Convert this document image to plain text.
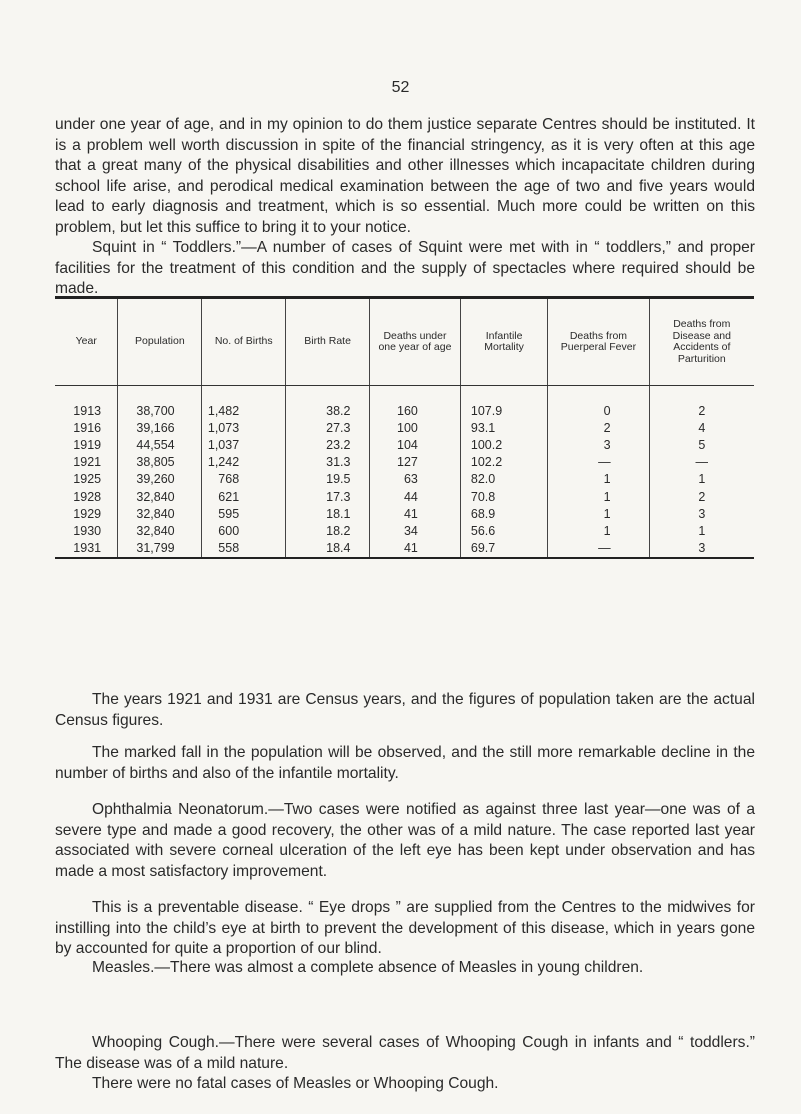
52

under one year of age, and in my opinion to do them justice separate Centres should be instituted. It is a problem well worth discussion in spite of the financial stringency, as it is very often at this age that a great many of the physical disabilities and other illnesses which incapacitate children during school life arise, and perodical medical examination between the age of two and five years would lead to early diagnosis and treatment, which is so essential. Much more could be written on this problem, but let this suffice to bring it to your notice.

Squint in “ Toddlers.”—A number of cases of Squint were met with in “ toddlers,” and proper facilities for the treatment of this condition and the supply of spectacles where required should be made.

Year	Population	No. of Births	Birth Rate	Deaths under one year of age	Infantile Mortality	Deaths from Puerperal Fever	Deaths from Disease and Accidents of Parturition
1913	38,700	1,482	38.2	160	107.9	0	2
1916	39,166	1,073	27.3	100	93.1	2	4
1919	44,554	1,037	23.2	104	100.2	3	5
1921	38,805	1,242	31.3	127	102.2	—	—
1925	39,260	768	19.5	63	82.0	1	1
1928	32,840	621	17.3	44	70.8	1	2
1929	32,840	595	18.1	41	68.9	1	3
1930	32,840	600	18.2	34	56.6	1	1
1931	31,799	558	18.4	41	69.7	—	3

The years 1921 and 1931 are Census years, and the figures of population taken are the actual Census figures.

The marked fall in the population will be observed, and the still more remarkable decline in the number of births and also of the infantile mortality.

Ophthalmia Neonatorum.—Two cases were notified as against three last year—one was of a severe type and made a good recovery, the other was of a mild nature. The case reported last year associated with severe corneal ulceration of the left eye has been kept under observation and has made a most satisfactory improvement.

This is a preventable disease. “ Eye drops ” are supplied from the Centres to the midwives for instilling into the child’s eye at birth to prevent the development of this disease, which in years gone by accounted for quite a proportion of our blind.

Measles.—There was almost a complete absence of Measles in young children.

Whooping Cough.—There were several cases of Whooping Cough in infants and “ toddlers.” The disease was of a mild nature.

There were no fatal cases of Measles or Whooping Cough.
